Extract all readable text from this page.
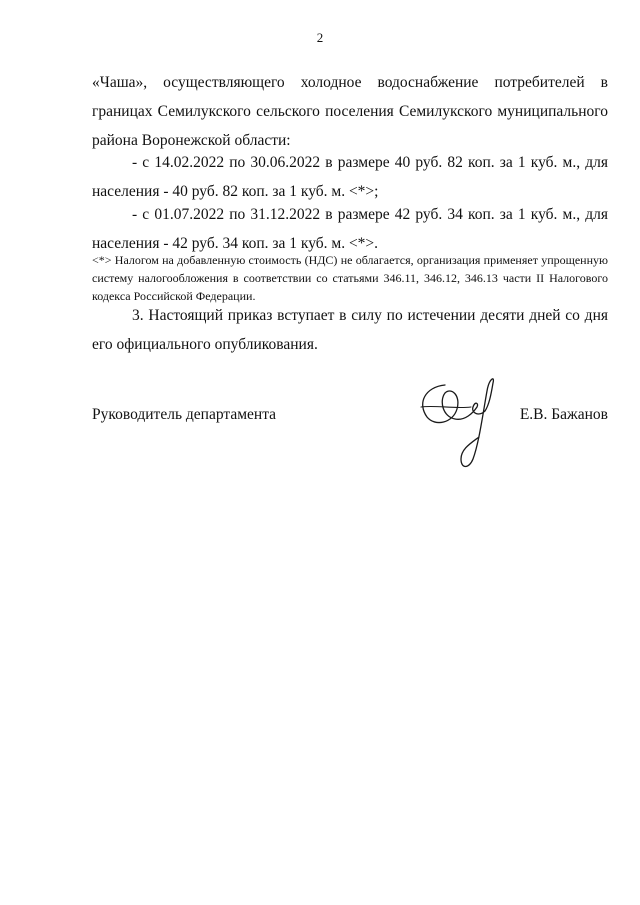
2
«Чаша», осуществляющего холодное водоснабжение потребителей в границах Семилукского сельского поселения Семилукского муниципального района Воронежской области:
- с 14.02.2022 по 30.06.2022 в размере 40 руб. 82 коп. за 1 куб. м., для населения - 40 руб. 82 коп. за 1 куб. м. <*>;
- с 01.07.2022 по 31.12.2022 в размере 42 руб. 34 коп. за 1 куб. м., для населения - 42 руб. 34 коп. за 1 куб. м. <*>.
<*> Налогом на добавленную стоимость (НДС) не облагается, организация применяет упрощенную систему налогообложения в соответствии со статьями 346.11, 346.12, 346.13 части II Налогового кодекса Российской Федерации.
3. Настоящий приказ вступает в силу по истечении десяти дней со дня его официального опубликования.
Руководитель департамента	Е.В. Бажанов
